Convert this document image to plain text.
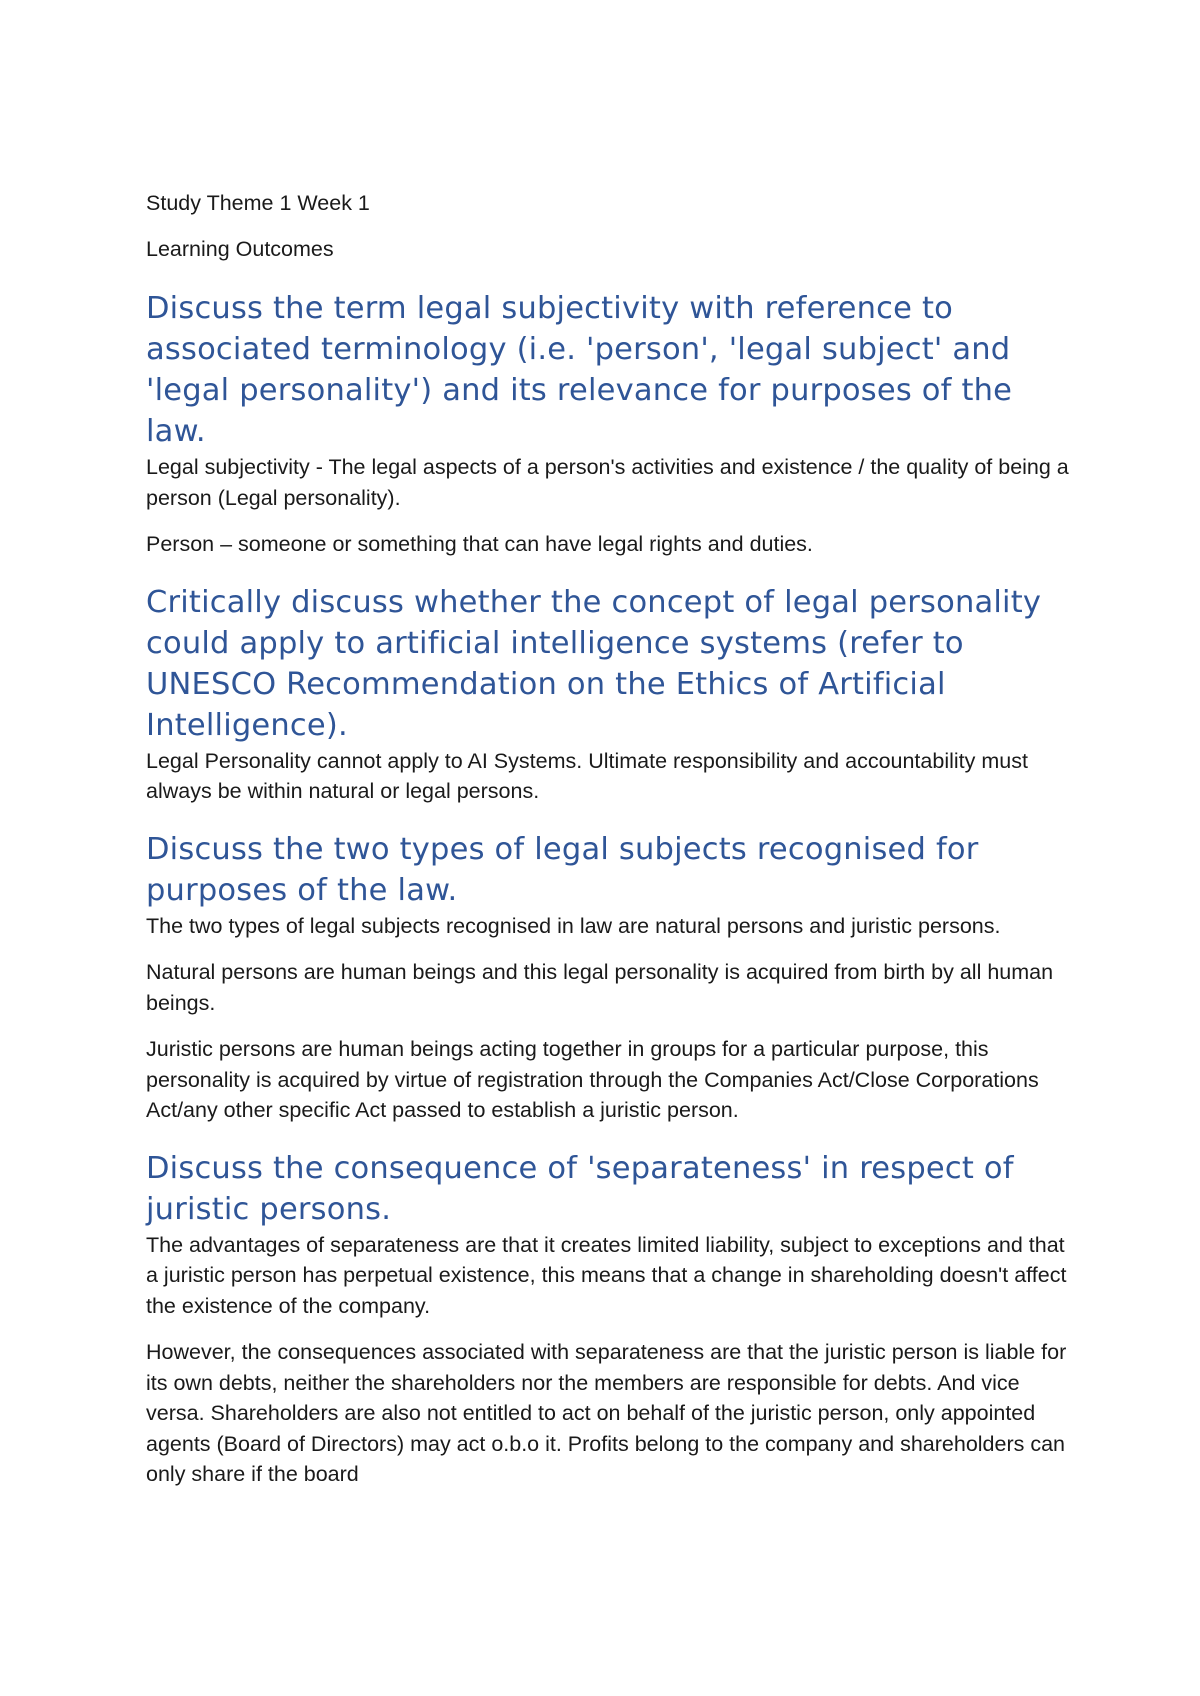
Study Theme 1 Week 1

Learning Outcomes

Discuss the term legal subjectivity with reference to associated terminology (i.e. 'person', 'legal subject' and 'legal personality') and its relevance for purposes of the law.

Legal subjectivity - The legal aspects of a person's activities and existence / the quality of being a person (Legal personality).

Person – someone or something that can have legal rights and duties.

Critically discuss whether the concept of legal personality could apply to artificial intelligence systems (refer to UNESCO Recommendation on the Ethics of Artificial Intelligence).

Legal Personality cannot apply to AI Systems. Ultimate responsibility and accountability must always be within natural or legal persons.

Discuss the two types of legal subjects recognised for purposes of the law.

The two types of legal subjects recognised in law are natural persons and juristic persons.

Natural persons are human beings and this legal personality is acquired from birth by all human beings.

Juristic persons are human beings acting together in groups for a particular purpose, this personality is acquired by virtue of registration through the Companies Act/Close Corporations Act/any other specific Act passed to establish a juristic person.

Discuss the consequence of 'separateness' in respect of juristic persons.

The advantages of separateness are that it creates limited liability, subject to exceptions and that a juristic person has perpetual existence, this means that a change in shareholding doesn't affect the existence of the company.

However, the consequences associated with separateness are that the juristic person is liable for its own debts, neither the shareholders nor the members are responsible for debts. And vice versa. Shareholders are also not entitled to act on behalf of the juristic person, only appointed agents (Board of Directors) may act o.b.o it. Profits belong to the company and shareholders can only share if the board
